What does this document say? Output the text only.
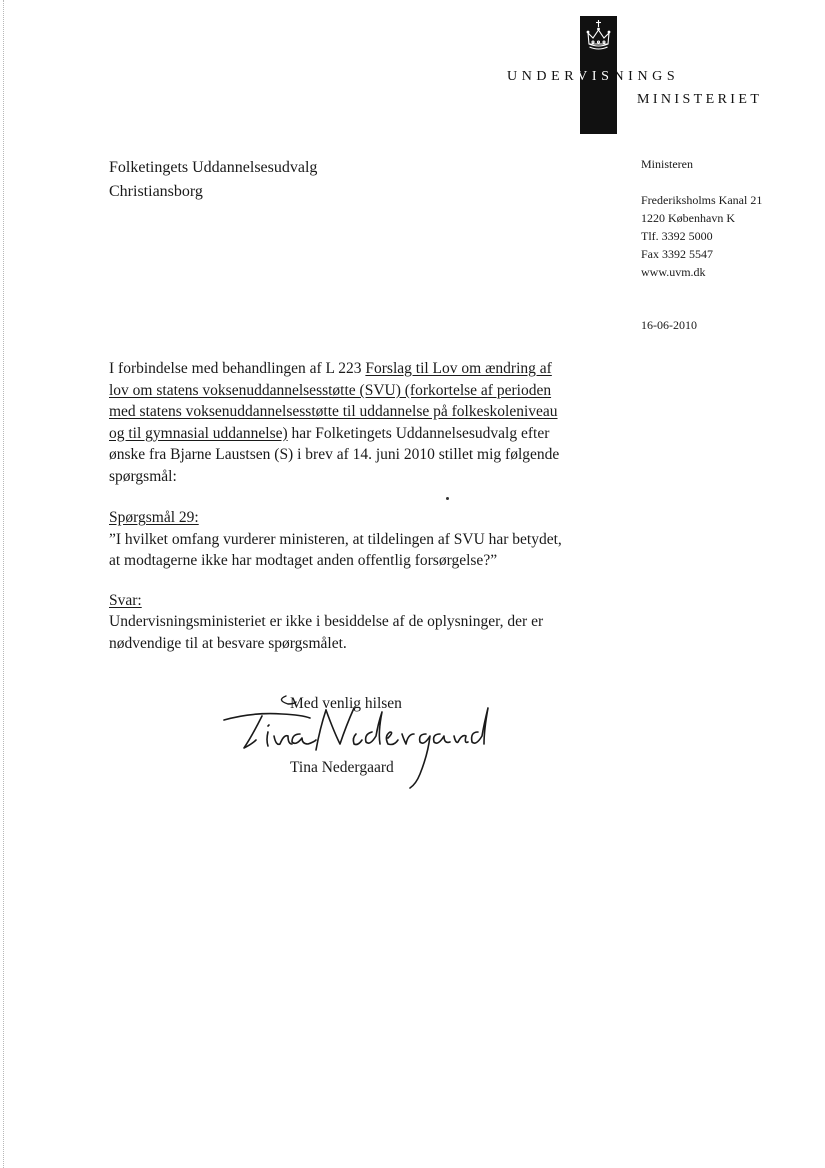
UNDERVISNINGS
MINISTERIET
Folketingets Uddannelsesudvalg
Christiansborg
Ministeren
Frederiksholms Kanal 21
1220 København K
Tlf. 3392 5000
Fax 3392 5547
www.uvm.dk
16-06-2010

I forbindelse med behandlingen af L 223 Forslag til Lov om ændring af
lov om statens voksenuddannelsesstøtte (SVU) (forkortelse af perioden
med statens voksenuddannelsesstøtte til uddannelse på folkeskoleniveau
og til gymnasial uddannelse) har Folketingets Uddannelsesudvalg efter
ønske fra Bjarne Laustsen (S) i brev af 14. juni 2010 stillet mig følgende
spørgsmål:

Spørgsmål 29:

”I hvilket omfang vurderer ministeren, at tildelingen af SVU har betydet,
at modtagerne ikke har modtaget anden offentlig forsørgelse?”

Svar:

Undervisningsministeriet er ikke i besiddelse af de oplysninger, der er
nødvendige til at besvare spørgsmålet.

Med venlig hilsen
Tina Nedergaard
